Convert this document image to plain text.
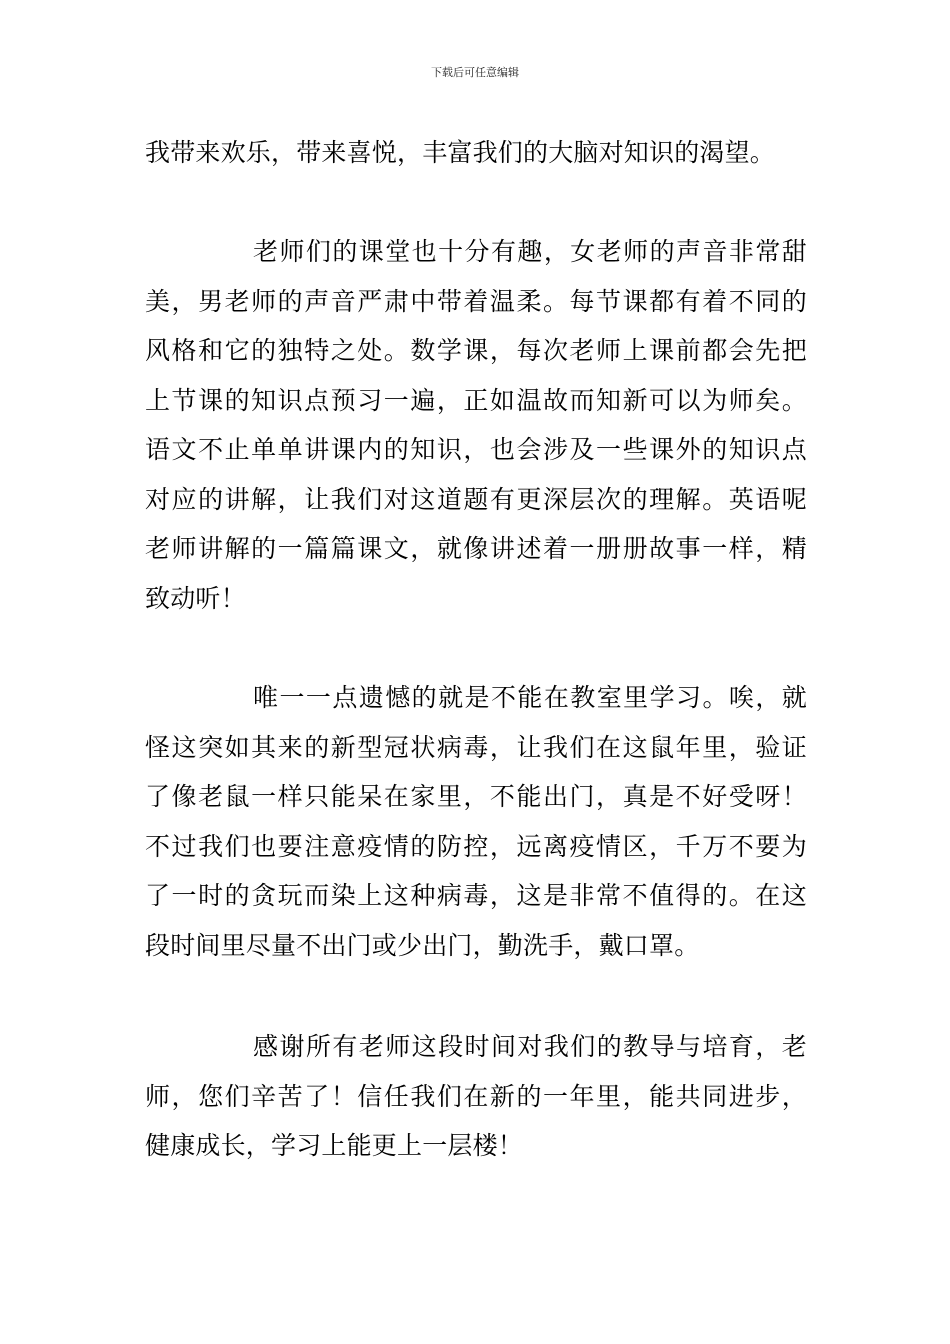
下载后可任意编辑

我带来欢乐，带来喜悦，丰富我们的大脑对知识的渴望。

老师们的课堂也十分有趣，女老师的声音非常甜
美，男老师的声音严肃中带着温柔。每节课都有着不同的
风格和它的独特之处。数学课，每次老师上课前都会先把
上节课的知识点预习一遍，正如温故而知新可以为师矣。
语文不止单单讲课内的知识，也会涉及一些课外的知识点
对应的讲解，让我们对这道题有更深层次的理解。英语呢
老师讲解的一篇篇课文，就像讲述着一册册故事一样，精
致动听！

唯一一点遗憾的就是不能在教室里学习。唉，就
怪这突如其来的新型冠状病毒，让我们在这鼠年里，验证
了像老鼠一样只能呆在家里，不能出门，真是不好受呀！
不过我们也要注意疫情的防控，远离疫情区，千万不要为
了一时的贪玩而染上这种病毒，这是非常不值得的。在这
段时间里尽量不出门或少出门，勤洗手，戴口罩。

感谢所有老师这段时间对我们的教导与培育，老
师，您们辛苦了！信任我们在新的一年里，能共同进步，
健康成长，学习上能更上一层楼！
